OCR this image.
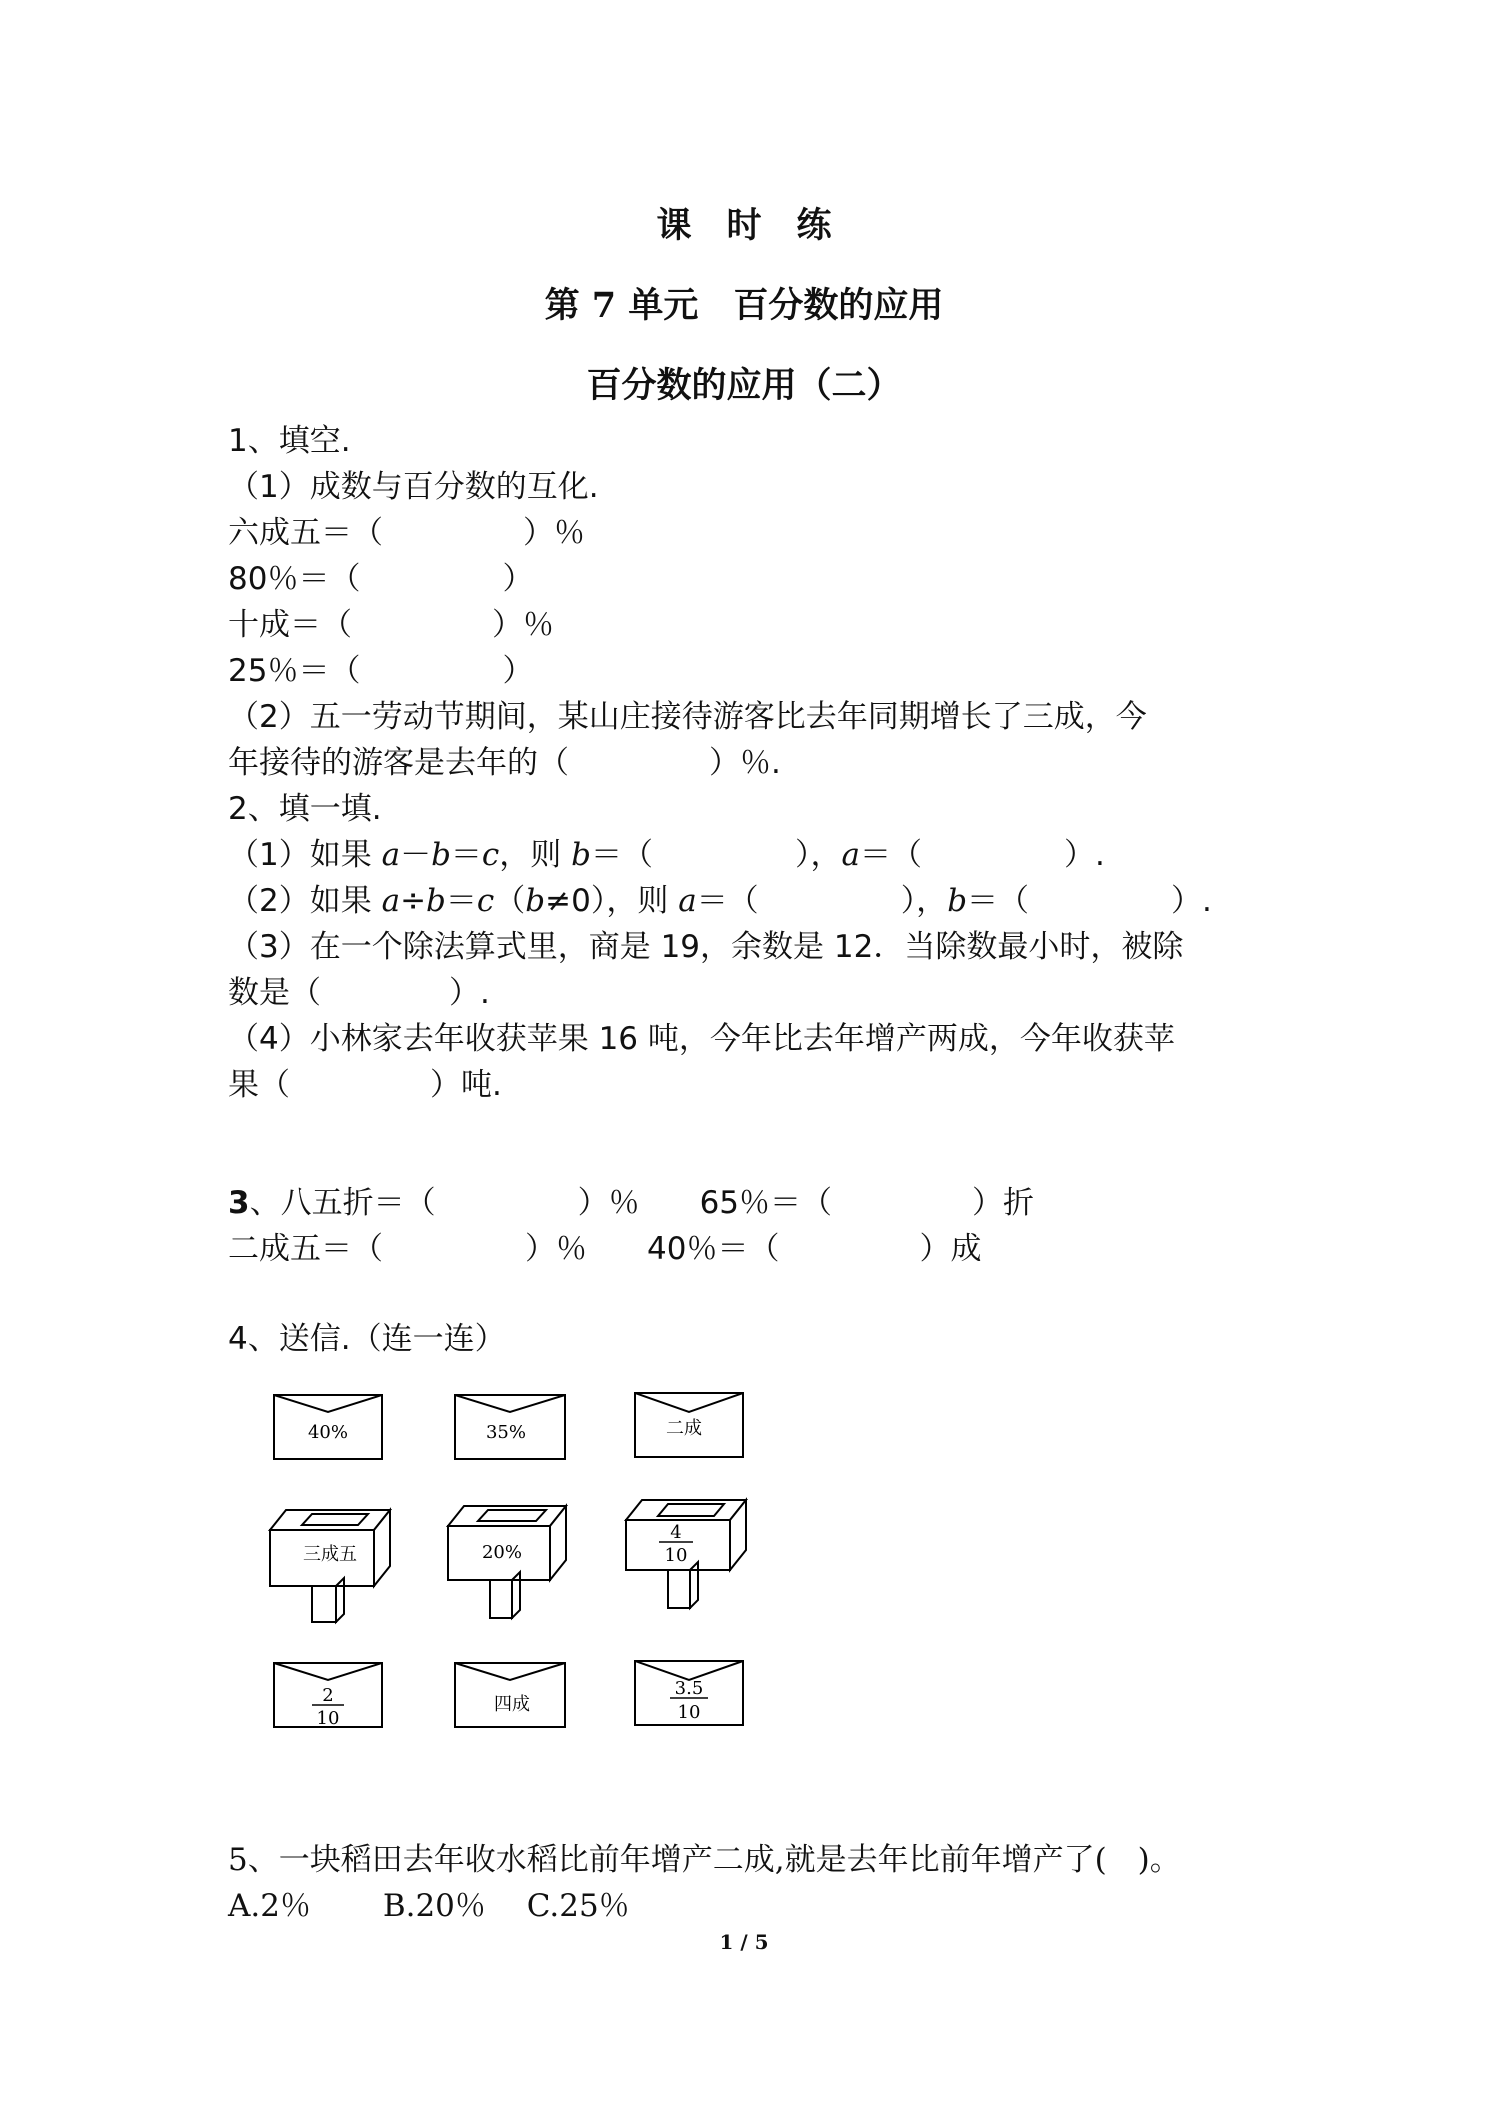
课　时　练
第 7 单元　百分数的应用
百分数的应用（二）
1、填空.
（1）成数与百分数的互化.
六成五＝（	）％
80％＝（	）
十成＝（	）％
25％＝（	）
（2）五一劳动节期间，某山庄接待游客比去年同期增长了三成，今
年接待的游客是去年的（	）％.
2、填一填.
（1）如果 a－b＝c，则 b＝（	），a＝（	）.
（2）如果 a÷b＝c（b≠0），则 a＝（	），b＝（	）.
（3）在一个除法算式里，商是 19，余数是 12．当除数最小时，被除
数是（	）.
（4）小林家去年收获苹果 16 吨，今年比去年增产两成，今年收获苹
果（	）吨.
3、八五折＝（	）％ 65％＝（	）折
二成五＝（	）％ 40％＝（	）成
4、送信.（连一连）
40%	35%	二成
三成五	20%
4
10
2
10
四成
3.5
10
5、一块稻田去年收水稻比前年增产二成,就是去年比前年增产了(　)。
A.2％　　 B.20％　 C.25％
1 / 5
